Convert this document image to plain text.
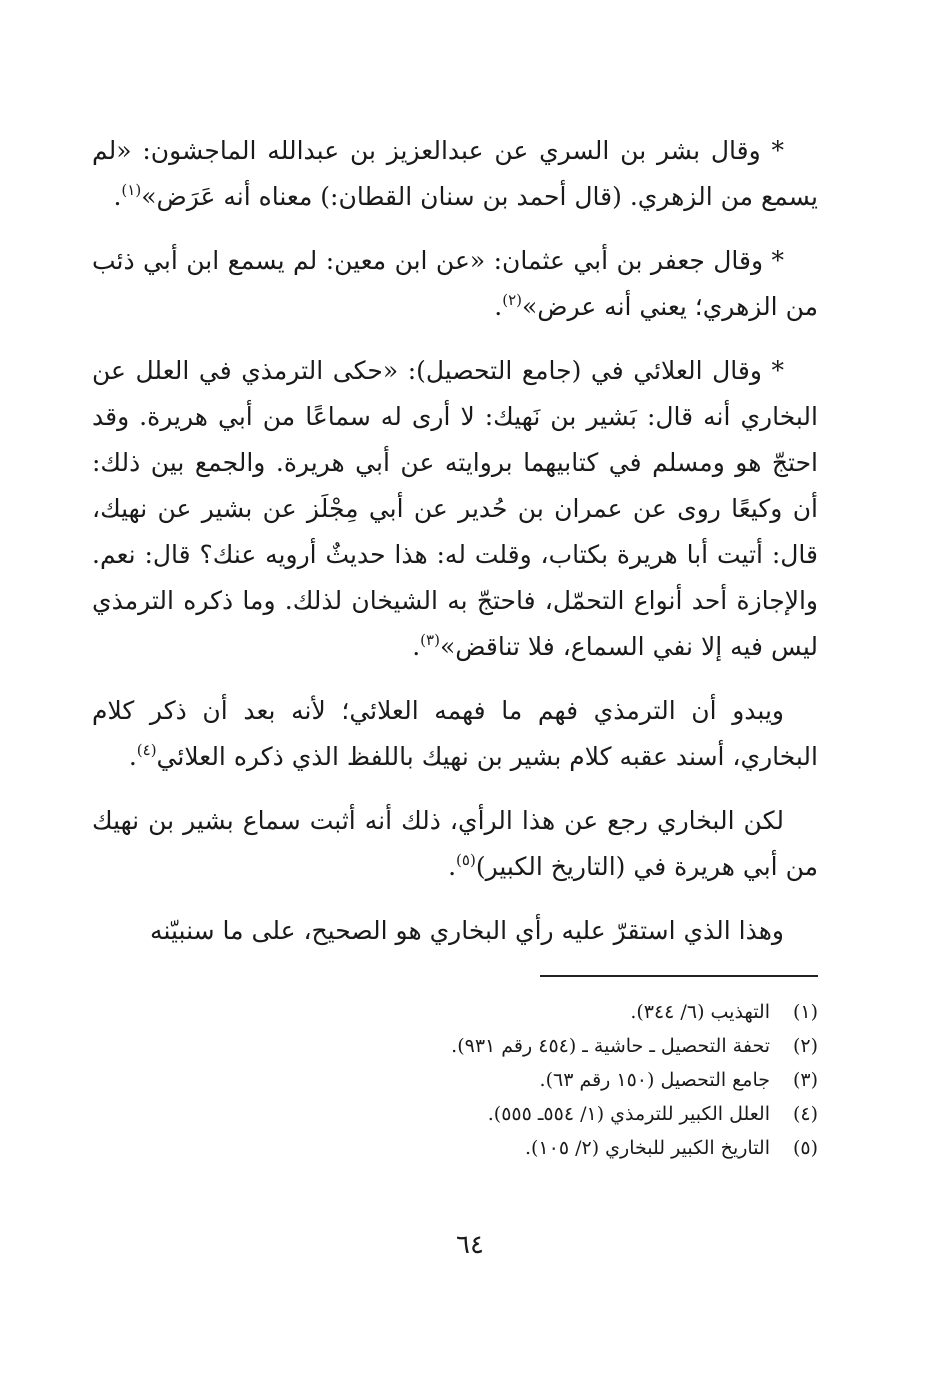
* وقال بشر بن السري عن عبدالعزيز بن عبدالله الماجشون: «لم يسمع من الزهري. (قال أحمد بن سنان القطان:) معناه أنه عَرَض»$^{(١)}$.

* وقال جعفر بن أبي عثمان: «عن ابن معين: لم يسمع ابن أبي ذئب من الزهري؛ يعني أنه عرض»$^{(٢)}$.

* وقال العلائي في (جامع التحصيل): «حكى الترمذي في العلل عن البخاري أنه قال: بَشير بن نَهيك: لا أرى له سماعًا من أبي هريرة. وقد احتجّ هو ومسلم في كتابيهما بروايته عن أبي هريرة. والجمع بين ذلك: أن وكيعًا روى عن عمران بن حُدير عن أبي مِجْلَز عن بشير عن نهيك، قال: أتيت أبا هريرة بكتاب، وقلت له: هذا حديثٌ أرويه عنك؟ قال: نعم. والإجازة أحد أنواع التحمّل، فاحتجّ به الشيخان لذلك. وما ذكره الترمذي ليس فيه إلا نفي السماع، فلا تناقض»$^{(٣)}$.

ويبدو أن الترمذي فهم ما فهمه العلائي؛ لأنه بعد أن ذكر كلام البخاري، أسند عقبه كلام بشير بن نهيك باللفظ الذي ذكره العلائي$^{(٤)}$.

لكن البخاري رجع عن هذا الرأي، ذلك أنه أثبت سماع بشير بن نهيك من أبي هريرة في (التاريخ الكبير)$^{(٥)}$.

وهذا الذي استقرّ عليه رأي البخاري هو الصحيح، على ما سنبيّنه

(١)
التهذيب (٦/ ٣٤٤).
(٢)
تحفة التحصيل ـ حاشية ـ (٤٥٤ رقم ٩٣١).
(٣)
جامع التحصيل (١٥٠ رقم ٦٣).
(٤)
العلل الكبير للترمذي (١/ ٥٥٤ـ ٥٥٥).
(٥)
التاريخ الكبير للبخاري (٢/ ١٠٥).
٦٤
